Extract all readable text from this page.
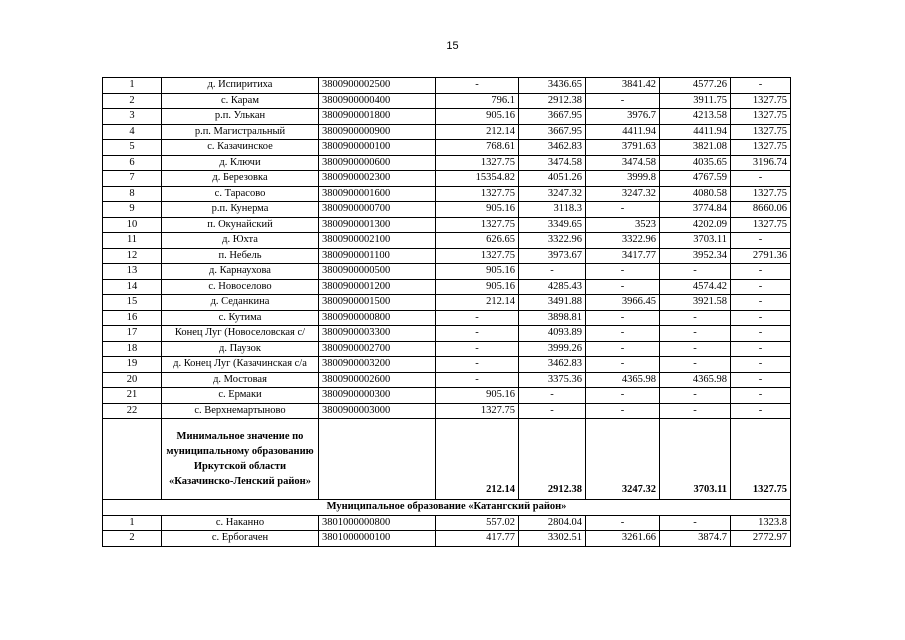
15
1	д. Испиритиха	3800900002500	-	3436.65	3841.42	4577.26	-
2	с. Карам	3800900000400	796.1	2912.38	-	3911.75	1327.75
3	р.п. Улькан	3800900001800	905.16	3667.95	3976.7	4213.58	1327.75
4	р.п. Магистральный	3800900000900	212.14	3667.95	4411.94	4411.94	1327.75
5	с. Казачинское	3800900000100	768.61	3462.83	3791.63	3821.08	1327.75
6	д. Ключи	3800900000600	1327.75	3474.58	3474.58	4035.65	3196.74
7	д. Березовка	3800900002300	15354.82	4051.26	3999.8	4767.59	-
8	с. Тарасово	3800900001600	1327.75	3247.32	3247.32	4080.58	1327.75
9	р.п. Кунерма	3800900000700	905.16	3118.3	-	3774.84	8660.06
10	п. Окунайский	3800900001300	1327.75	3349.65	3523	4202.09	1327.75
11	д. Юхта	3800900002100	626.65	3322.96	3322.96	3703.11	-
12	п. Небель	3800900001100	1327.75	3973.67	3417.77	3952.34	2791.36
13	д. Карнаухова	3800900000500	905.16	-	-	-	-
14	с. Новоселово	3800900001200	905.16	4285.43	-	4574.42	-
15	д. Седанкина	3800900001500	212.14	3491.88	3966.45	3921.58	-
16	с. Кутима	3800900000800	-	3898.81	-	-	-
17	Конец Луг (Новоселовская с/	3800900003300	-	4093.89	-	-	-
18	д. Паузок	3800900002700	-	3999.26	-	-	-
19	д. Конец Луг (Казачинская с/а	3800900003200	-	3462.83	-	-	-
20	д. Мостовая	3800900002600	-	3375.36	4365.98	4365.98	-
21	с. Ермаки	3800900000300	905.16	-	-	-	-
22	с. Верхнемартыново	3800900003000	1327.75	-	-	-	-
	Минимальное значение по муниципальному образованию Иркутской области «Казачинско-Ленский район»		212.14	2912.38	3247.32	3703.11	1327.75
Муниципальное образование «Катангский район»							
1	с. Наканно	3801000000800	557.02	2804.04	-	-	1323.8
2	с. Ербогачен	3801000000100	417.77	3302.51	3261.66	3874.7	2772.97
